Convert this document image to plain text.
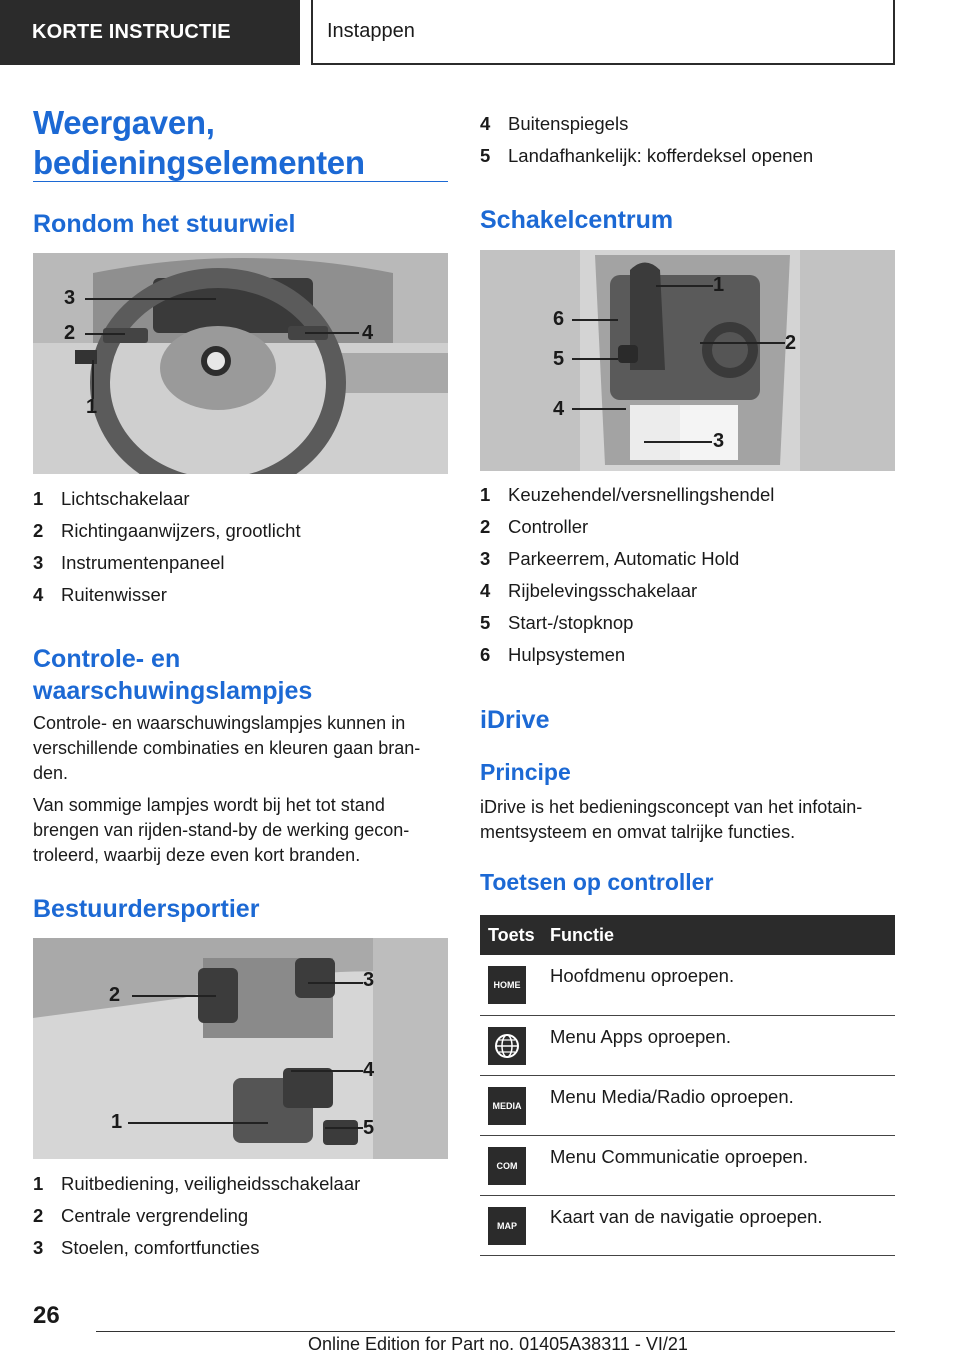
KORTE INSTRUCTIE	Instappen
Weergaven,
bedieningselementen
Rondom het stuurwiel
3
2
1
4
1 Lichtschakelaar
2 Richtingaanwijzers, grootlicht
3 Instrumentenpaneel
4 Ruitenwisser
Controle- en
waarschuwingslampjes

Controle- en waarschuwingslampjes kunnen in verschillende combinaties en kleuren gaan bran-den.

Van sommige lampjes wordt bij het tot stand brengen van rijden-stand-by de werking gecon-troleerd, waarbij deze even kort branden.

Bestuurdersportier
2
3
4
1	5
1 Ruitbediening, veiligheidsschakelaar
2 Centrale vergrendeling
3 Stoelen, comfortfuncties
4 Buitenspiegels
5 Landafhankelijk: kofferdeksel openen
Schakelcentrum
1
2
3
4
5
6
1 Keuzehendel/versnellingshendel
2 Controller
3 Parkeerrem, Automatic Hold
4 Rijbelevingsschakelaar
5 Start-/stopknop
6 Hulpsystemen
iDrive
Principe

iDrive is het bedieningsconcept van het infotain-mentsysteem en omvat talrijke functies.

Toetsen op controller
Toets	Functie

HOME	Hoofdmenu oproepen.

	Menu Apps oproepen.

MEDIA	Menu Media/Radio oproepen.

COM	Menu Communicatie oproepen.

MAP	Kaart van de navigatie oproepen.
26
Online Edition for Part no. 01405A38311 - VI/21
